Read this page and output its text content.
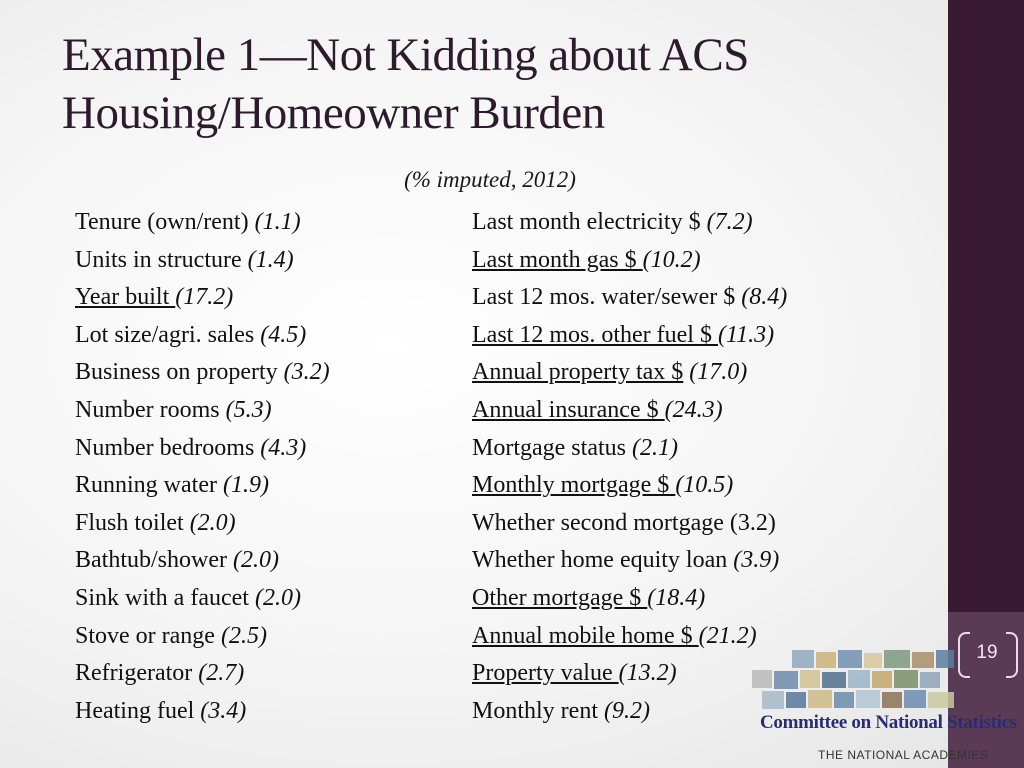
Example 1—Not Kidding about ACS Housing/Homeowner Burden
(% imputed, 2012)
Tenure (own/rent) (1.1)
Units in structure (1.4)
Year built (17.2)
Lot size/agri. sales (4.5)
Business on property (3.2)
Number rooms (5.3)
Number bedrooms (4.3)
Running water (1.9)
Flush toilet (2.0)
Bathtub/shower (2.0)
Sink with a faucet (2.0)
Stove or range (2.5)
Refrigerator (2.7)
Heating fuel (3.4)
Last month electricity $ (7.2)
Last month gas $ (10.2)
Last 12 mos. water/sewer $ (8.4)
Last 12 mos. other fuel $ (11.3)
Annual property tax $ (17.0)
Annual insurance $ (24.3)
Mortgage status (2.1)
Monthly mortgage $ (10.5)
Whether second mortgage (3.2)
Whether home equity loan (3.9)
Other mortgage $ (18.4)
Annual mobile home $ (21.2)
Property value (13.2)
Monthly rent (9.2)
19
Committee on National Statistics
THE NATIONAL ACADEMIES
